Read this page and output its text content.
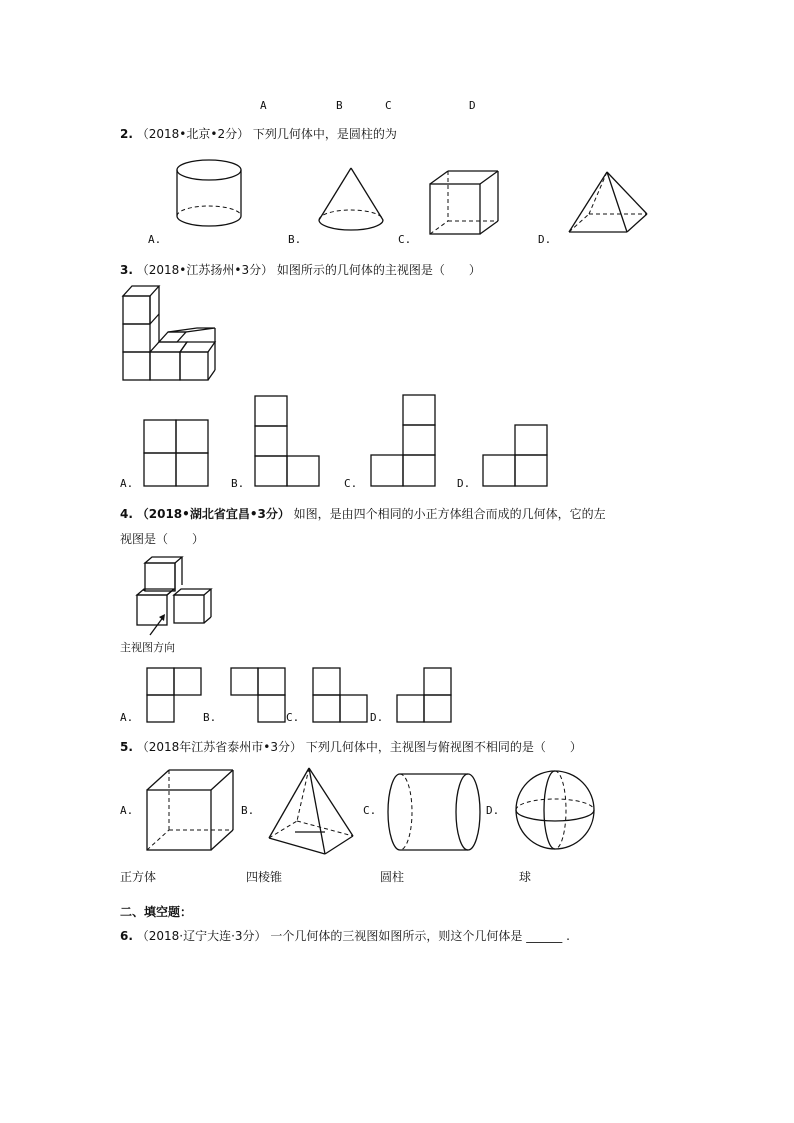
A	B	C	D
2. （2018•北京•2分） 下列几何体中，是圆柱的为
A.	B.	C.	D.
3. （2018•江苏扬州•3分） 如图所示的几何体的主视图是（　　）
A.	B.	C.	D.
4. （2018•湖北省宜昌•3分） 如图，是由四个相同的小正方体组合而成的几何体，它的左
视图是（　　）
主视图方向
A.	B.	C.	D.
5. （2018年江苏省泰州市•3分） 下列几何体中，主视图与俯视图不相同的是（　　）
A.	B.	C.	D.
正方体	四棱锥	圆柱	球
二、填空题：
6. （2018·辽宁大连·3分） 一个几何体的三视图如图所示，则这个几何体是 ______ .
